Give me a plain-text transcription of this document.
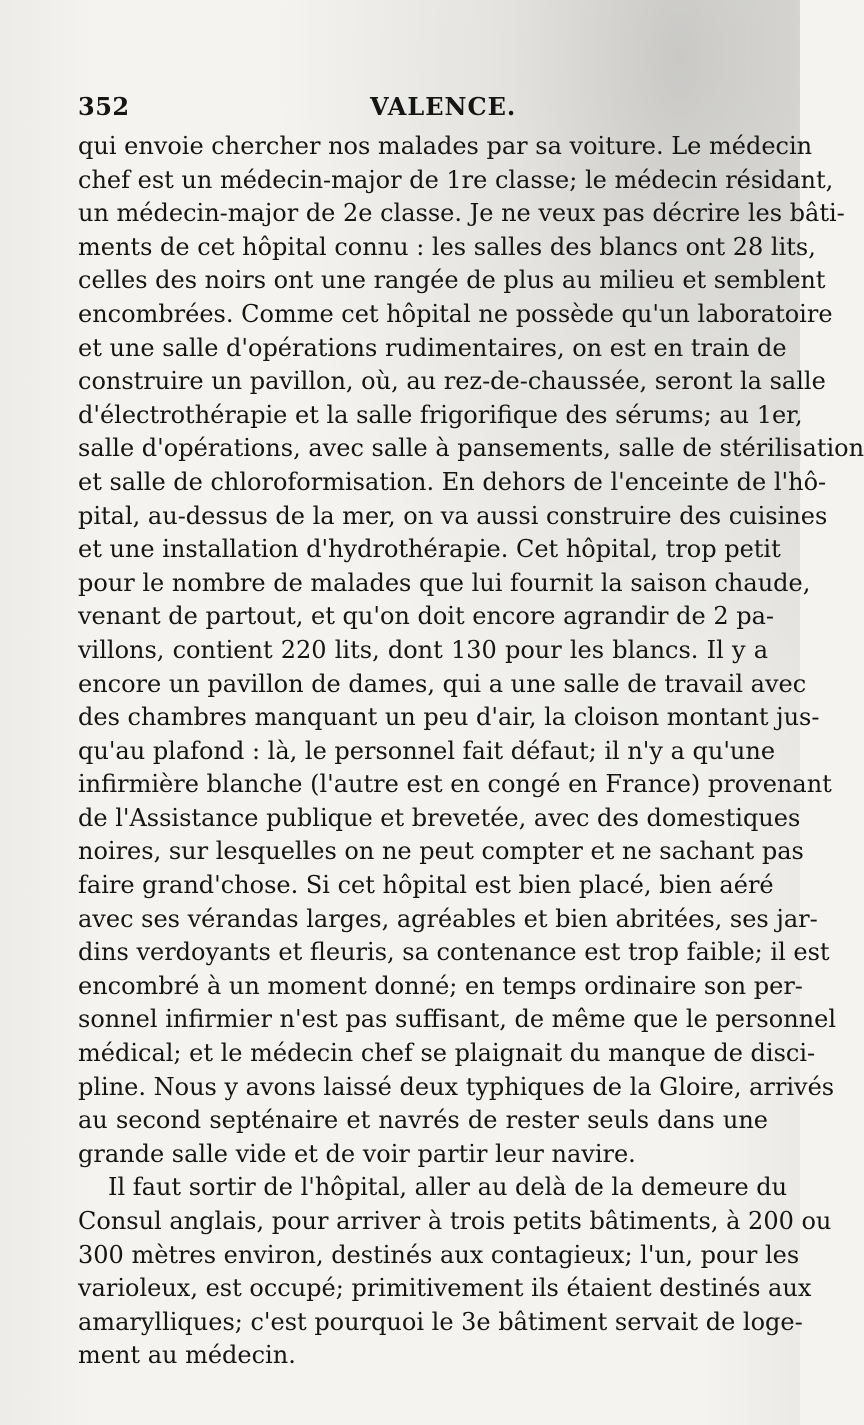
352	VALENCE.
qui envoie chercher nos malades par sa voiture. Le médecin
chef est un médecin-major de 1re classe; le médecin résidant,
un médecin-major de 2e classe. Je ne veux pas décrire les bâti-
ments de cet hôpital connu : les salles des blancs ont 28 lits,
celles des noirs ont une rangée de plus au milieu et semblent
encombrées. Comme cet hôpital ne possède qu'un laboratoire
et une salle d'opérations rudimentaires, on est en train de
construire un pavillon, où, au rez-de-chaussée, seront la salle
d'électrothérapie et la salle frigorifique des sérums; au 1er,
salle d'opérations, avec salle à pansements, salle de stérilisation
et salle de chloroformisation. En dehors de l'enceinte de l'hô-
pital, au-dessus de la mer, on va aussi construire des cuisines
et une installation d'hydrothérapie. Cet hôpital, trop petit
pour le nombre de malades que lui fournit la saison chaude,
venant de partout, et qu'on doit encore agrandir de 2 pa-
villons, contient 220 lits, dont 130 pour les blancs. Il y a
encore un pavillon de dames, qui a une salle de travail avec
des chambres manquant un peu d'air, la cloison montant jus-
qu'au plafond : là, le personnel fait défaut; il n'y a qu'une
infirmière blanche (l'autre est en congé en France) provenant
de l'Assistance publique et brevetée, avec des domestiques
noires, sur lesquelles on ne peut compter et ne sachant pas
faire grand'chose. Si cet hôpital est bien placé, bien aéré
avec ses vérandas larges, agréables et bien abritées, ses jar-
dins verdoyants et fleuris, sa contenance est trop faible; il est
encombré à un moment donné; en temps ordinaire son per-
sonnel infirmier n'est pas suffisant, de même que le personnel
médical; et le médecin chef se plaignait du manque de disci-
pline. Nous y avons laissé deux typhiques de la Gloire, arrivés
au second septénaire et navrés de rester seuls dans une
grande salle vide et de voir partir leur navire.
Il faut sortir de l'hôpital, aller au delà de la demeure du
Consul anglais, pour arriver à trois petits bâtiments, à 200 ou
300 mètres environ, destinés aux contagieux; l'un, pour les
varioleux, est occupé; primitivement ils étaient destinés aux
amarylliques; c'est pourquoi le 3e bâtiment servait de loge-
ment au médecin.
